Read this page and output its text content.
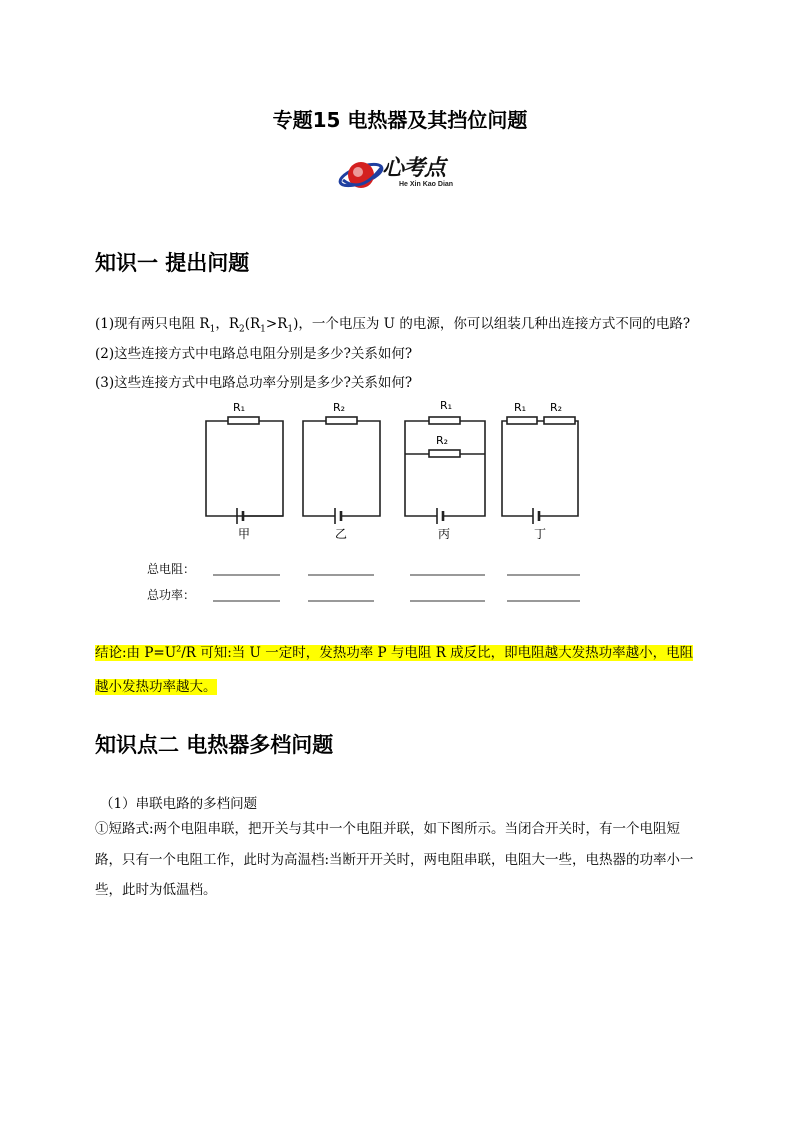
专题15 电热器及其挡位问题
心考点
He Xin Kao Dian
知识一 提出问题
(1)现有两只电阻 $R_1$，$R_2(R_1>R_1)$，一个电压为 U 的电源，你可以组装几种出连接方式不同的电路?
(2)这些连接方式中电路总电阻分别是多少?关系如何?
(3)这些连接方式中电路总功率分别是多少?关系如何?
R₁
甲
R₂
乙
R₁
R₂
丙
R₁ R₂
丁
总电阻：
总功率：
结论:由 $P=U^2/R$ 可知:当 U 一定时，发热功率 P 与电阻 R 成反比，即电阻越大发热功率越小，电阻
越小发热功率越大。
知识点二 电热器多档问题
（1）串联电路的多档问题
①短路式:两个电阻串联，把开关与其中一个电阻并联，如下图所示。当闭合开关时，有一个电阻短路，只有一个电阻工作，此时为高温档:当断开开关时，两电阻串联，电阻大一些，电热器的功率小一些，此时为低温档。
